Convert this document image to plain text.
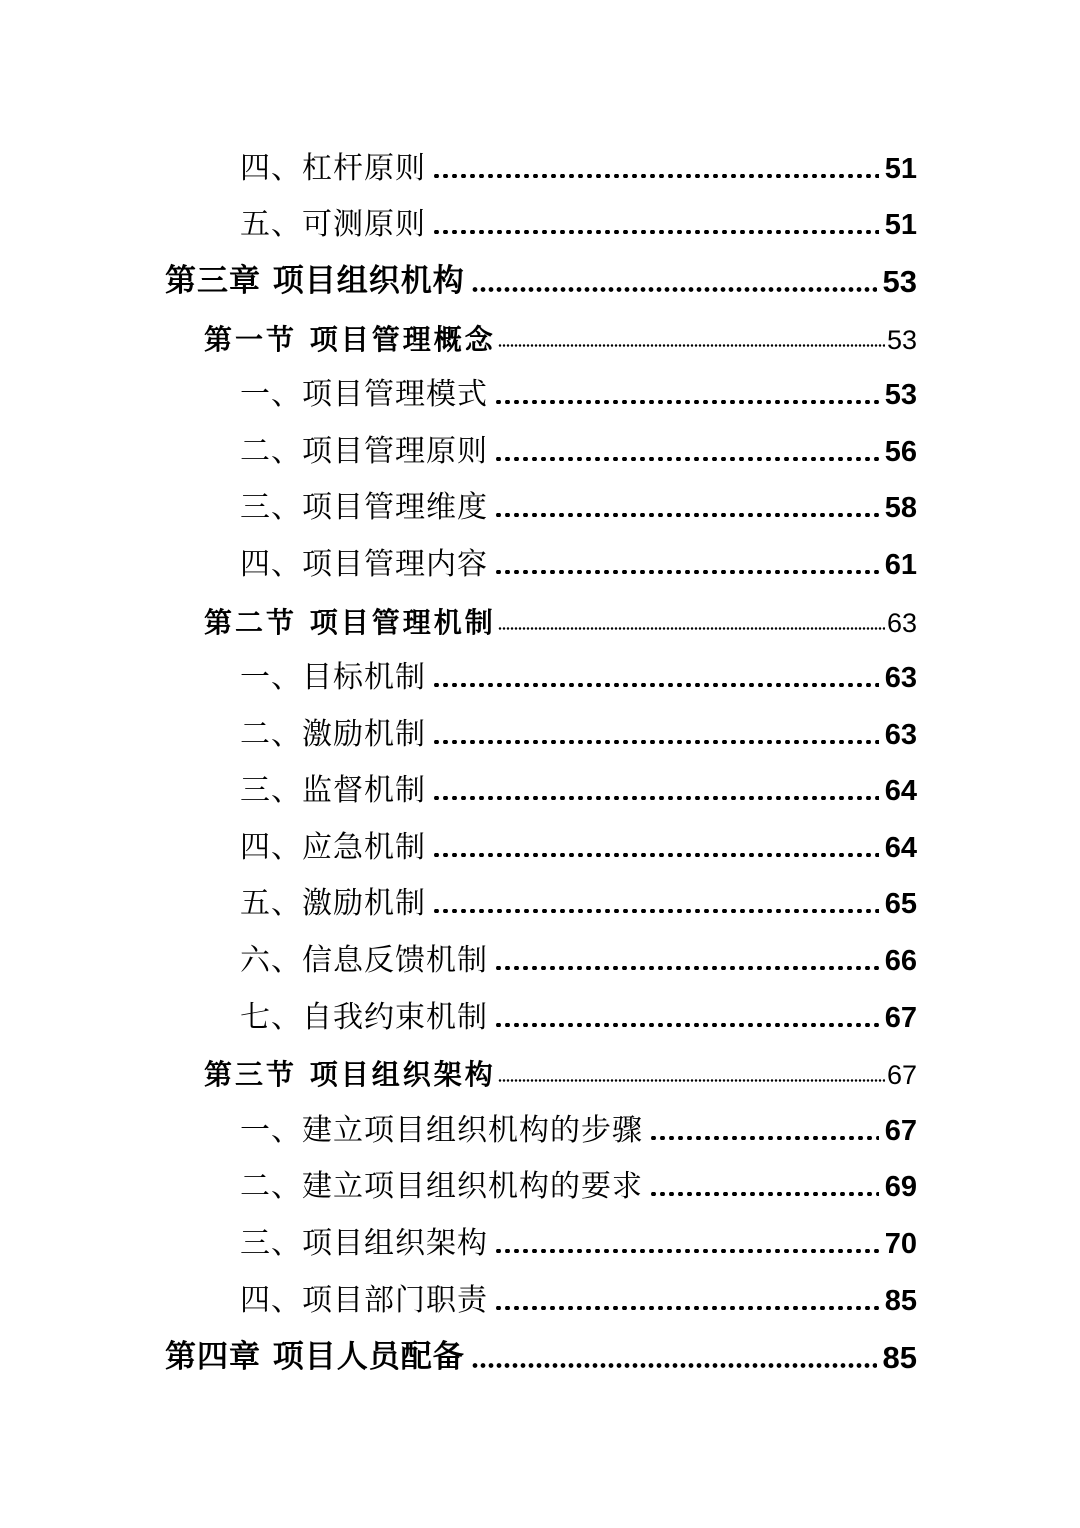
四、杠杆原则	51
五、可测原则	51
第三章 项目组织机构	53
第一节 项目管理概念	53
一、项目管理模式	53
二、项目管理原则	56
三、项目管理维度	58
四、项目管理内容	61
第二节 项目管理机制	63
一、目标机制	63
二、激励机制	63
三、监督机制	64
四、应急机制	64
五、激励机制	65
六、信息反馈机制	66
七、自我约束机制	67
第三节 项目组织架构	67
一、建立项目组织机构的步骤	67
二、建立项目组织机构的要求	69
三、项目组织架构	70
四、项目部门职责	85
第四章 项目人员配备	85
